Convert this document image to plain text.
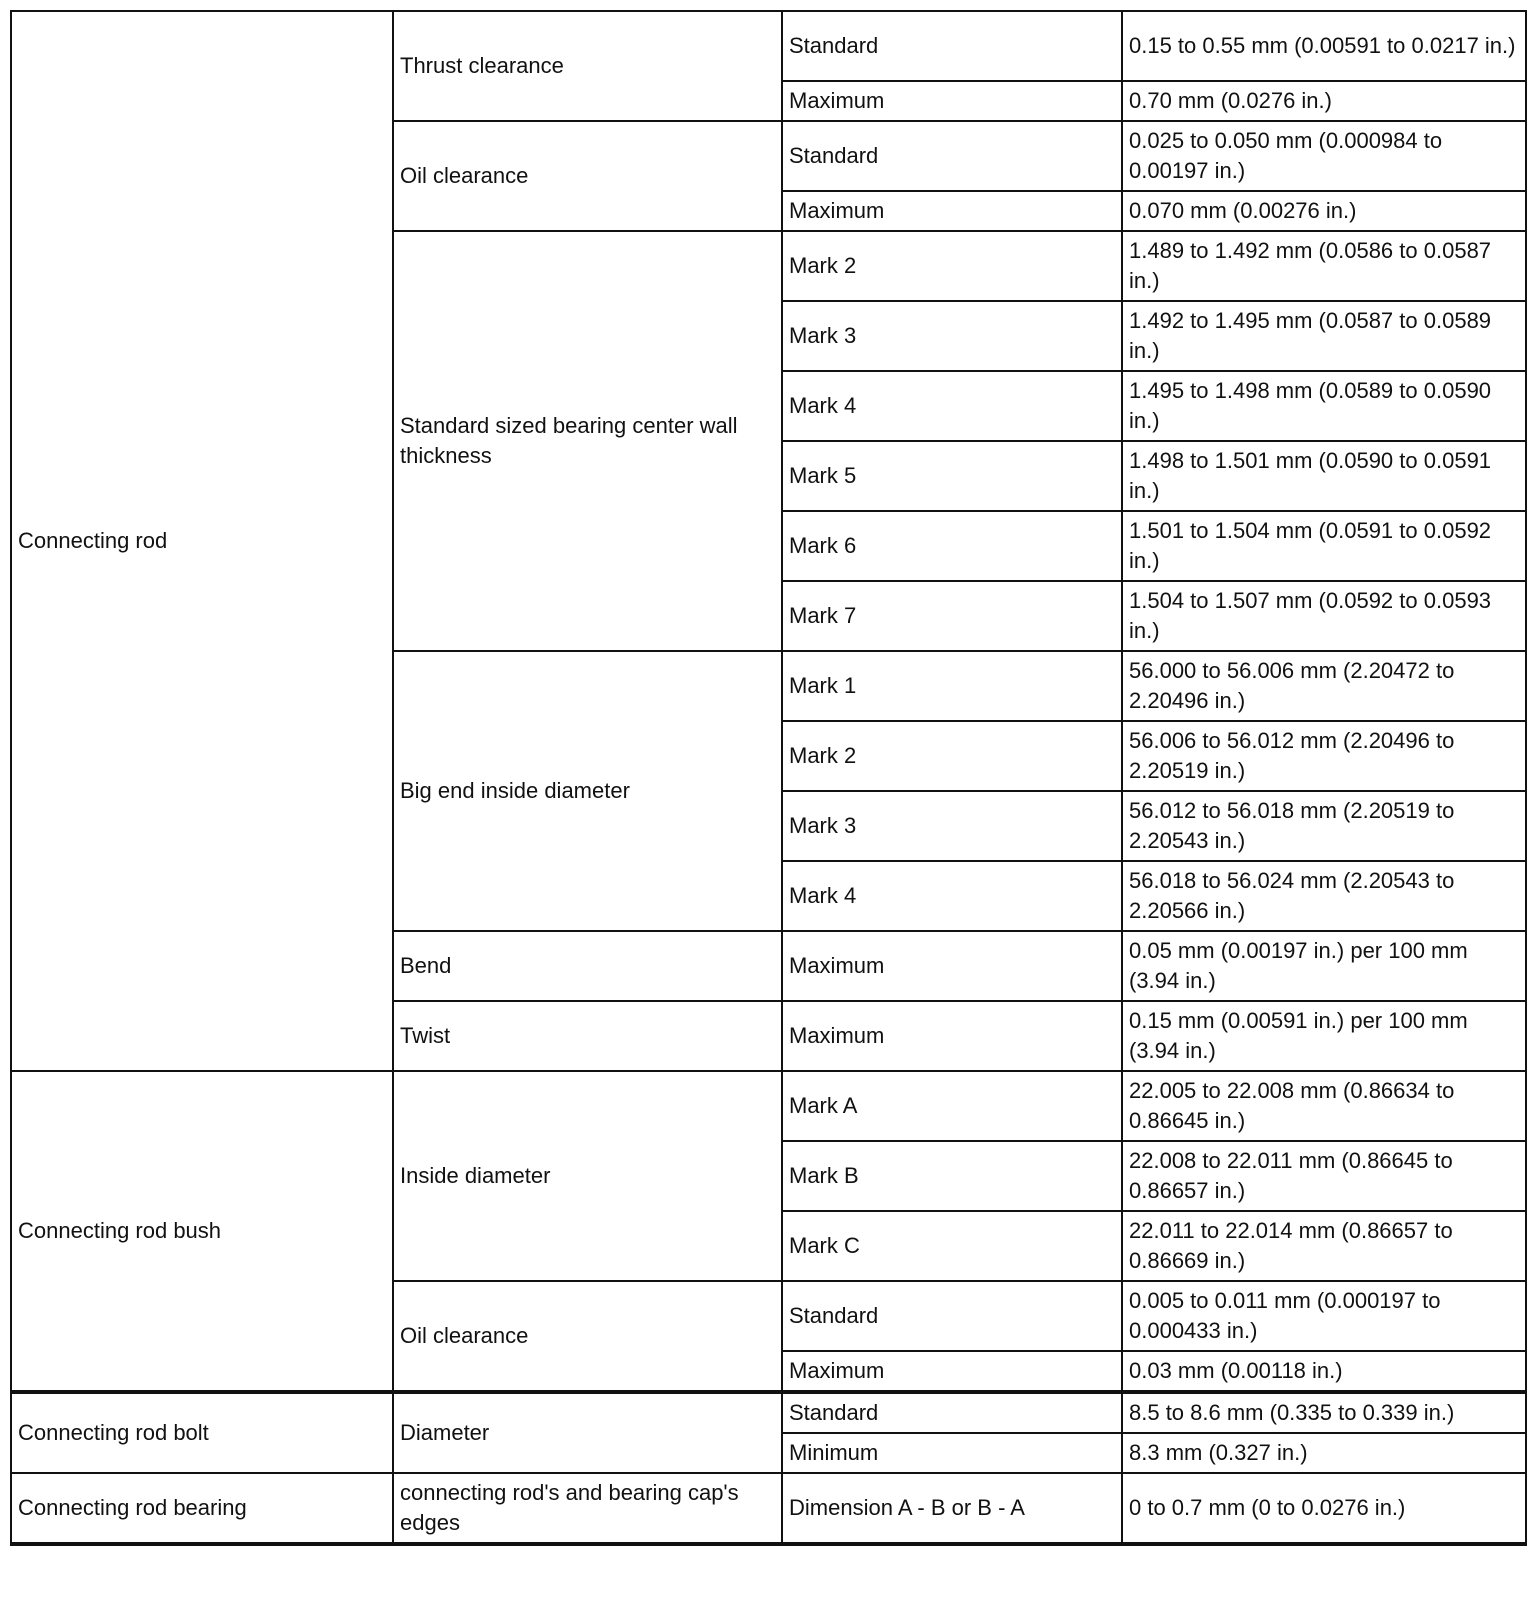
Connecting rod	Thrust clearance	Standard	0.15 to 0.55 mm (0.00591 to 0.0217 in.)
		Maximum	0.70 mm (0.0276 in.)
	Oil clearance	Standard	0.025 to 0.050 mm (0.000984 to 0.00197 in.)
		Maximum	0.070 mm (0.00276 in.)
	Standard sized bearing center wall thickness	Mark 2	1.489 to 1.492 mm (0.0586 to 0.0587 in.)
		Mark 3	1.492 to 1.495 mm (0.0587 to 0.0589 in.)
		Mark 4	1.495 to 1.498 mm (0.0589 to 0.0590 in.)
		Mark 5	1.498 to 1.501 mm (0.0590 to 0.0591 in.)
		Mark 6	1.501 to 1.504 mm (0.0591 to 0.0592 in.)
		Mark 7	1.504 to 1.507 mm (0.0592 to 0.0593 in.)
	Big end inside diameter	Mark 1	56.000 to 56.006 mm (2.20472 to 2.20496 in.)
		Mark 2	56.006 to 56.012 mm (2.20496 to 2.20519 in.)
		Mark 3	56.012 to 56.018 mm (2.20519 to 2.20543 in.)
		Mark 4	56.018 to 56.024 mm (2.20543 to 2.20566 in.)
	Bend	Maximum	0.05 mm (0.00197 in.) per 100 mm (3.94 in.)
	Twist	Maximum	0.15 mm (0.00591 in.) per 100 mm (3.94 in.)
Connecting rod bush	Inside diameter	Mark A	22.005 to 22.008 mm (0.86634 to 0.86645 in.)
		Mark B	22.008 to 22.011 mm (0.86645 to 0.86657 in.)
		Mark C	22.011 to 22.014 mm (0.86657 to 0.86669 in.)
	Oil clearance	Standard	0.005 to 0.011 mm (0.000197 to 0.000433 in.)
		Maximum	0.03 mm (0.00118 in.)
Connecting rod bolt	Diameter	Standard	8.5 to 8.6 mm (0.335 to 0.339 in.)
		Minimum	8.3 mm (0.327 in.)
Connecting rod bearing	connecting rod's and bearing cap's edges	Dimension A - B or B - A	0 to 0.7 mm (0 to 0.0276 in.)
